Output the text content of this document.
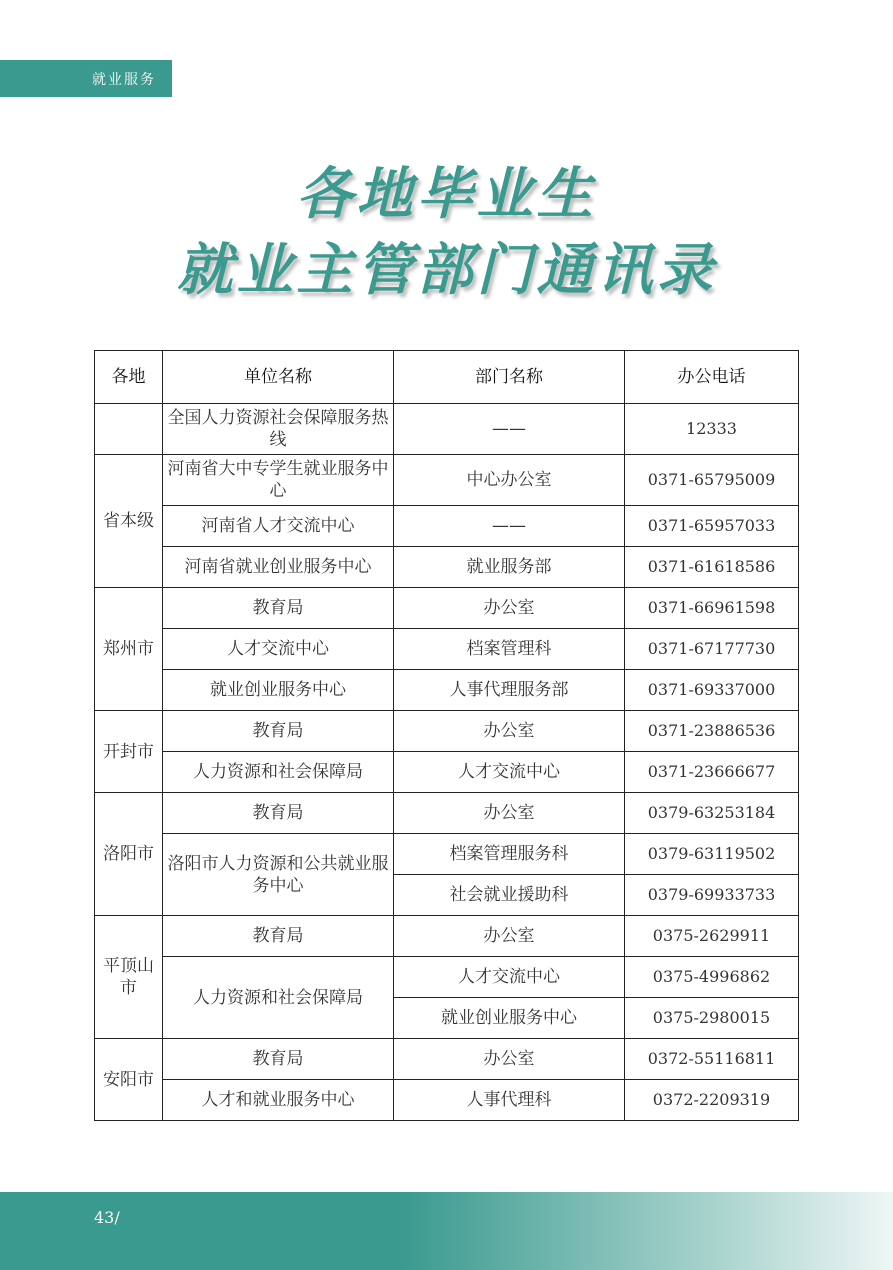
就业服务
各地毕业生
就业主管部门通讯录
各地	单位名称	部门名称	办公电话
	全国人力资源社会保障服务热线	——	12333
省本级	河南省大中专学生就业服务中心	中心办公室	0371-65795009
	河南省人才交流中心	——	0371-65957033
	河南省就业创业服务中心	就业服务部	0371-61618586
郑州市	教育局	办公室	0371-66961598
	人才交流中心	档案管理科	0371-67177730
	就业创业服务中心	人事代理服务部	0371-69337000
开封市	教育局	办公室	0371-23886536
	人力资源和社会保障局	人才交流中心	0371-23666677
洛阳市	教育局	办公室	0379-63253184
	洛阳市人力资源和公共就业服务中心	档案管理服务科	0379-63119502
		社会就业援助科	0379-69933733
平顶山市	教育局	办公室	0375-2629911
	人力资源和社会保障局	人才交流中心	0375-4996862
		就业创业服务中心	0375-2980015
安阳市	教育局	办公室	0372-55116811
	人才和就业服务中心	人事代理科	0372-2209319
43/
